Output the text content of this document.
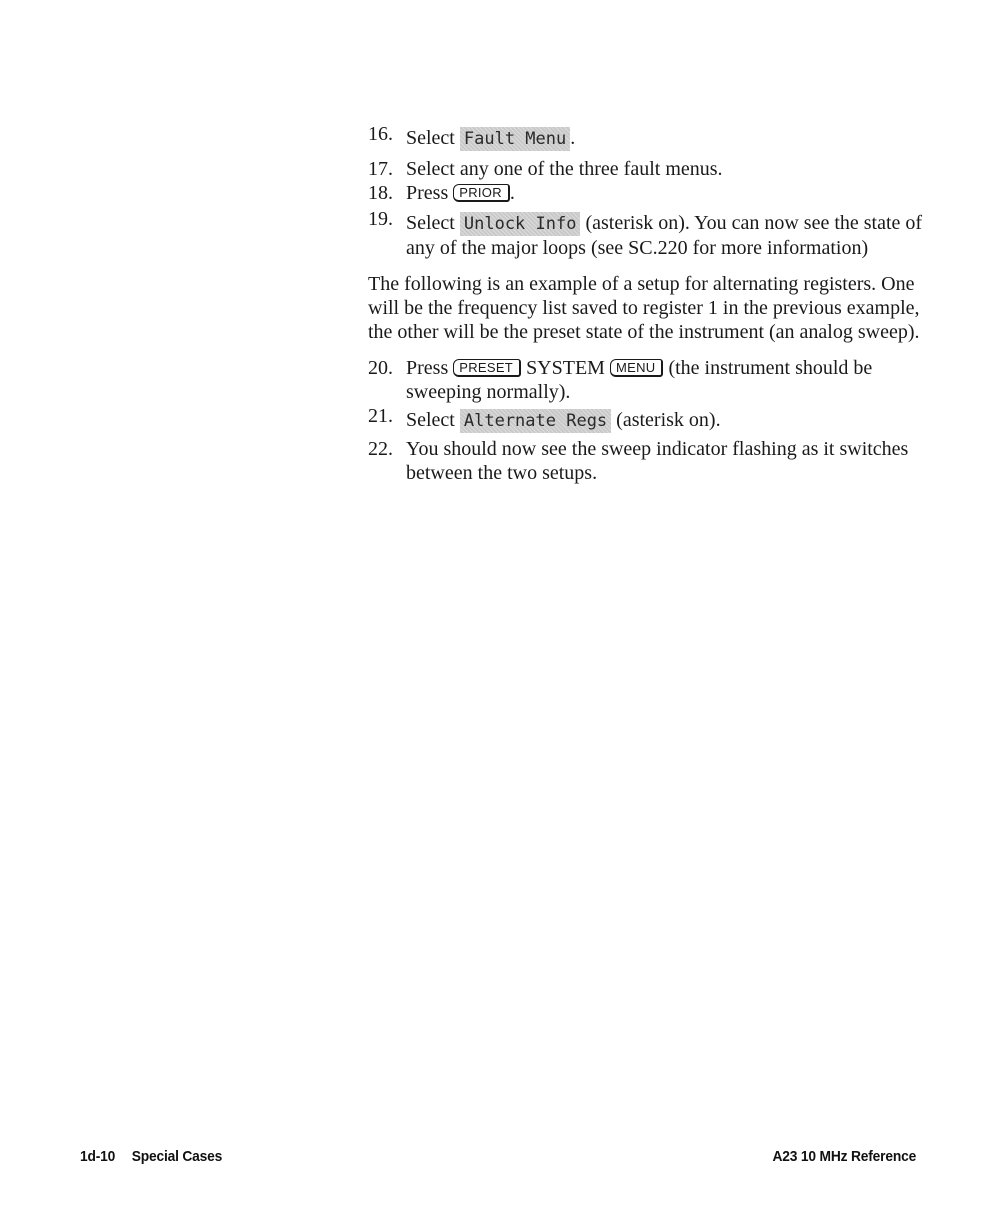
16. Select Fault Menu .
17. Select any one of the three fault menus.
18. Press PRIOR .
19. Select Unlock Info (asterisk on). You can now see the state of any of the major loops (see SC.220 for more information)
The following is an example of a setup for alternating registers. One will be the frequency list saved to register 1 in the previous example, the other will be the preset state of the instrument (an analog sweep).
20. Press PRESET SYSTEM MENU (the instrument should be sweeping normally).
21. Select Alternate Regs (asterisk on).
22. You should now see the sweep indicator flashing as it switches between the two setups.
1d-10 Special Cases	A23 10 MHz Reference
